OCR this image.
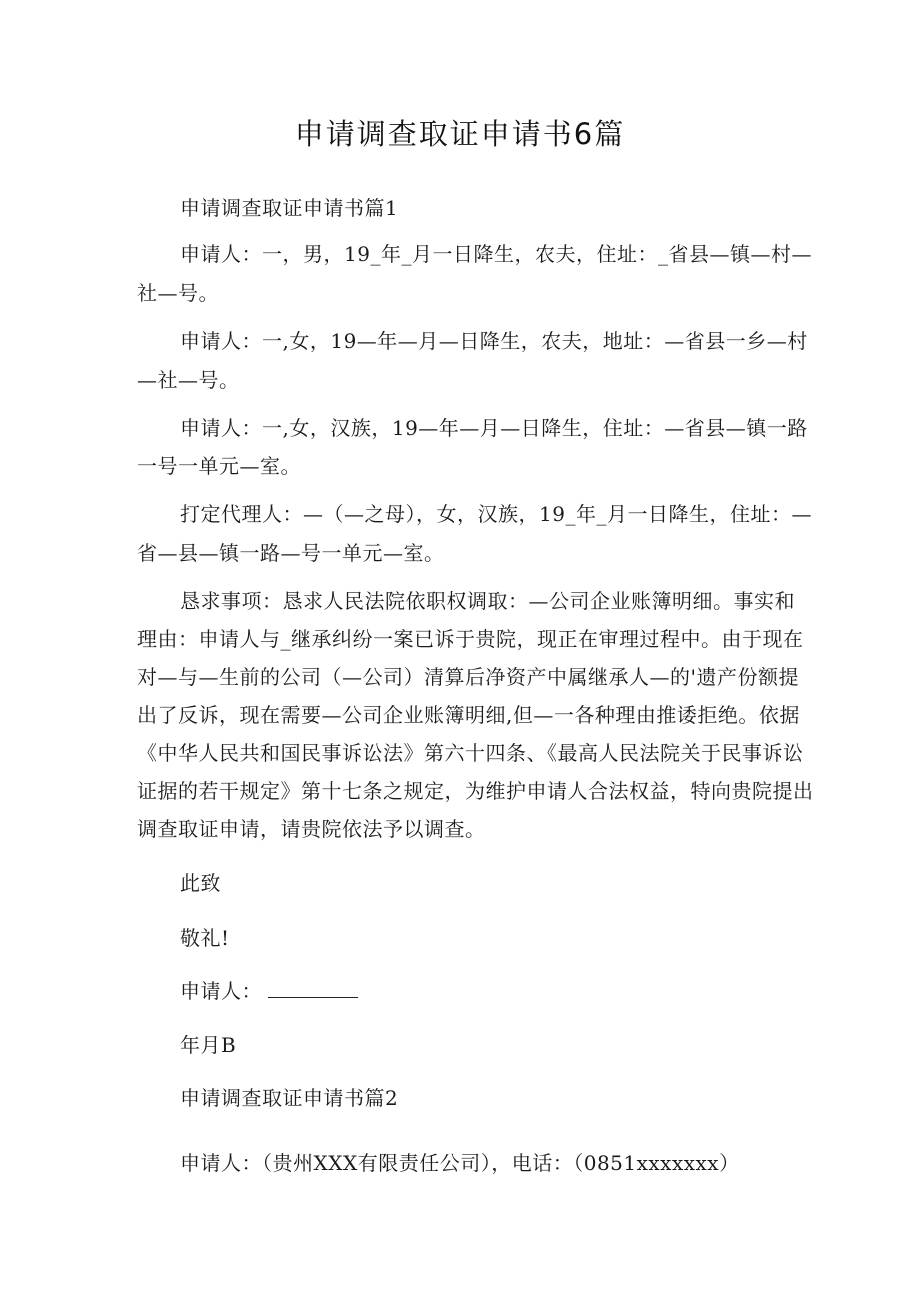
申请调查取证申请书6篇
申请调查取证申请书篇1
申请人：一，男，19_年_月一日降生，农夫，住址：_省县—镇—村—
社—号。
申请人：一,女，19—年—月—日降生，农夫，地址：—省县一乡—村
—社—号。
申请人：一,女，汉族，19—年—月—日降生，住址：—省县—镇一路
一号一单元—室。
打定代理人：—（—之母），女，汉族，19_年_月一日降生，住址：—
省—县—镇一路—号一单元—室。
恳求事项：恳求人民法院依职权调取：—公司企业账簿明细。事实和
理由：申请人与_继承纠纷一案已诉于贵院，现正在审理过程中。由于现在
对—与—生前的公司（—公司）清算后净资产中属继承人—的'遗产份额提
出了反诉，现在需要—公司企业账簿明细,但—一各种理由推诿拒绝。依据
《中华人民共和国民事诉讼法》第六十四条、《最高人民法院关于民事诉讼
证据的若干规定》第十七条之规定，为维护申请人合法权益，特向贵院提出
调查取证申请，请贵院依法予以调查。
此致
敬礼!
申请人：
年月B
申请调查取证申请书篇2
申请人：（贵州XXX有限责任公司），电话：（0851xxxxxxx）
